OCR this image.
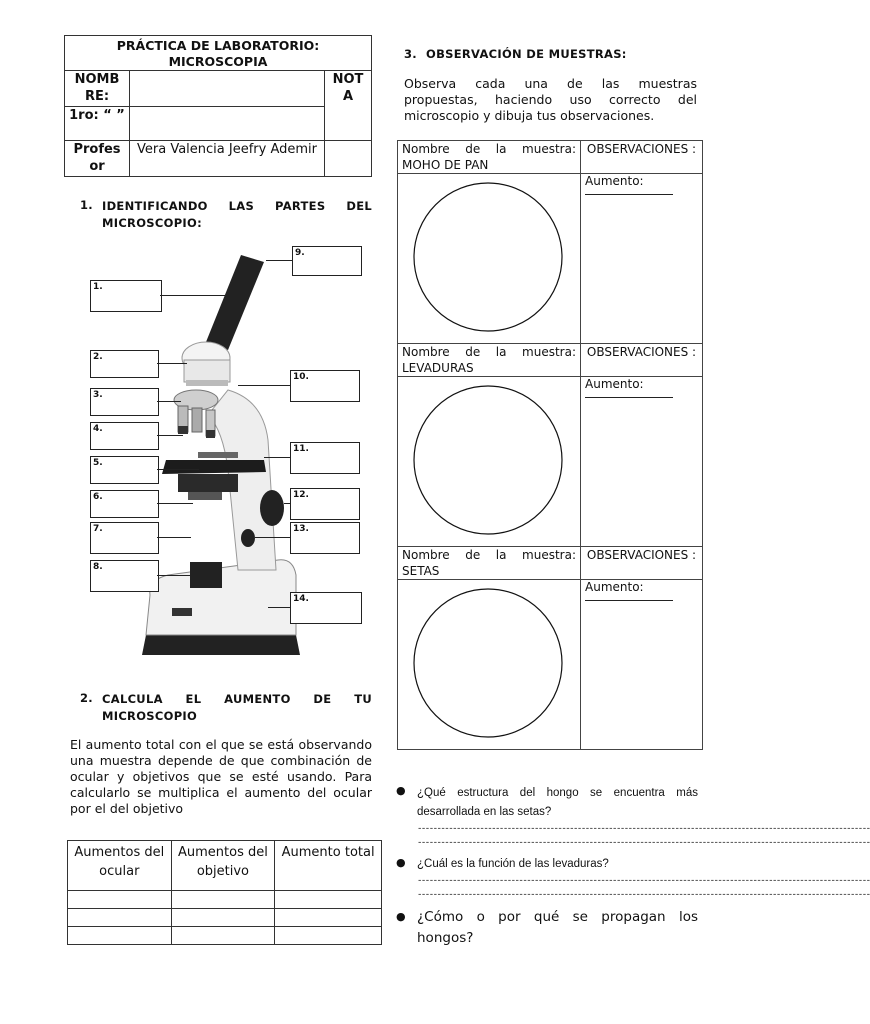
PRÁCTICA DE LABORATORIO: MICROSCOPIA		
NOMB RE:		NOT A
1ro: “ ”		
Profes or	Vera Valencia Jeefry Ademir	
1. IDENTIFICANDO LAS PARTES DEL MICROSCOPIO:
1.
2.
3.
4.
5.
6.
7.
8.
9.
10.
11.
12.
13.
14.
2. CALCULA EL AUMENTO DE TU MICROSCOPIO
El aumento total con el que se está observando una muestra depende de que combinación de ocular y objetivos que se esté usando. Para calcularlo se multiplica el aumento del ocular por el del objetivo
Aumentos del ocular	Aumentos del objetivo	Aumento total

3. OBSERVACIÓN DE MUESTRAS:
Observa cada una de las muestras propuestas, haciendo uso correcto del microscopio y dibuja tus observaciones.
Nombre de la muestra:
MOHO DE PAN	OBSERVACIONES :

Aumento:

Nombre de la muestra:
LEVADURAS	OBSERVACIONES :

Aumento:

Nombre de la muestra:
SETAS	OBSERVACIONES :

Aumento:
● ¿Qué estructura del hongo se encuentra más desarrollada en las setas?
--------------------------------------------------------------------------------------------------------------------
--------------------------------------------------------------------------------------------------------------------
● ¿Cuál es la función de las levaduras?
--------------------------------------------------------------------------------------------------------------------
--------------------------------------------------------------------------------------------------------------------
● ¿Cómo o por qué se propagan los hongos?
